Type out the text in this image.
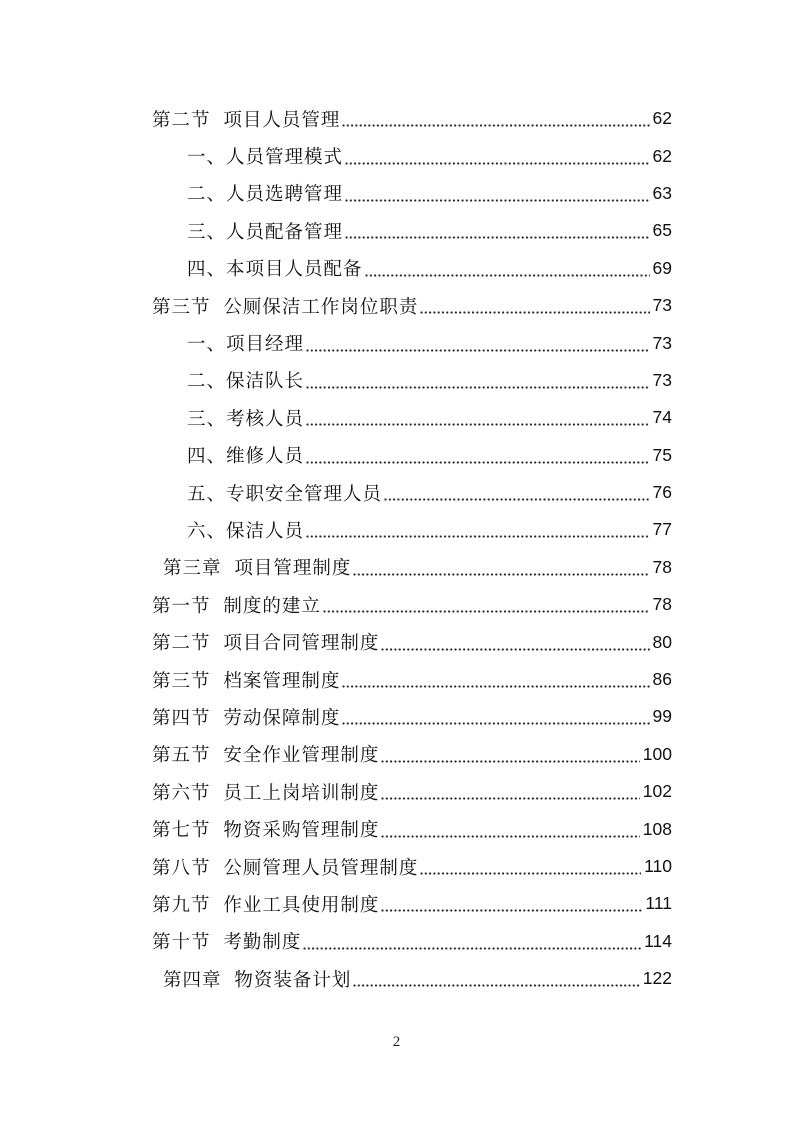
第二节 项目人员管理	62
一、人员管理模式	62
二、人员选聘管理	63
三、人员配备管理	65
四、本项目人员配备	69
第三节 公厕保洁工作岗位职责	73
一、项目经理	73
二、保洁队长	73
三、考核人员	74
四、维修人员	75
五、专职安全管理人员	76
六、保洁人员	77
第三章 项目管理制度	78
第一节 制度的建立	78
第二节 项目合同管理制度	80
第三节 档案管理制度	86
第四节 劳动保障制度	99
第五节 安全作业管理制度	100
第六节 员工上岗培训制度	102
第七节 物资采购管理制度	108
第八节 公厕管理人员管理制度	110
第九节 作业工具使用制度	111
第十节 考勤制度	114
第四章 物资装备计划	122
2
